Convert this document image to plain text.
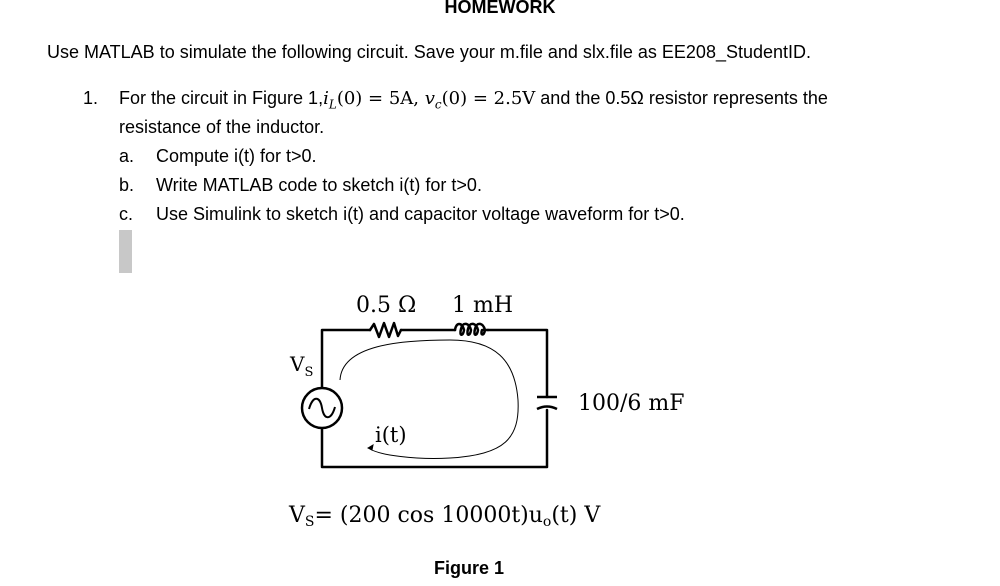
HOMEWORK
Use MATLAB to simulate the following circuit. Save your m.file and slx.file as EE208_StudentID.
1. For the circuit in Figure $1,i_L(0) = 5A$, $v_c(0) = 2.5V$ and the 0.5Ω resistor represents the
resistance of the inductor.
a. Compute i(t) for t>0.
b. Write MATLAB code to sketch i(t) for t>0.
c. Use Simulink to sketch i(t) and capacitor voltage waveform for t>0.
0.5 Ω 1 mH
100/6 mF
$V_S$
i(t)
VS= (200 cos 10000t)uo(t) V
Figure 1
